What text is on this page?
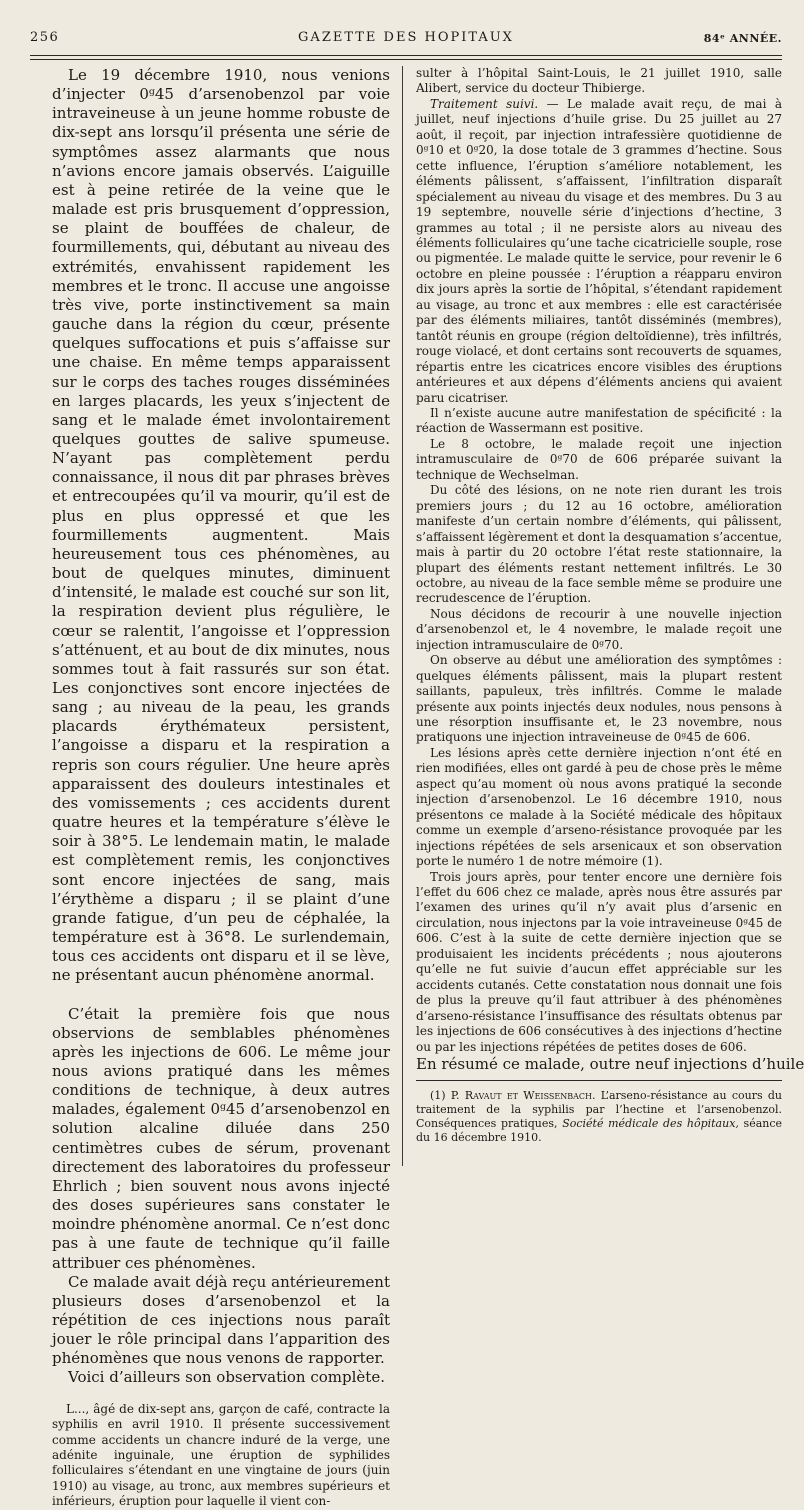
256	GAZETTE DES HOPITAUX	84ᵉ ANNÉE.

Le 19 décembre 1910, nous venions d’injecter 0ᵍ45 d’arsenobenzol par voie intraveineuse à un jeune homme robuste de dix-sept ans lorsqu’il présenta une série de symptômes assez alarmants que nous n’avions encore jamais observés. L’aiguille est à peine retirée de la veine que le malade est pris brusquement d’oppression, se plaint de bouffées de chaleur, de fourmillements, qui, débutant au niveau des extrémités, envahissent rapidement les membres et le tronc. Il accuse une angoisse très vive, porte instinctivement sa main gauche dans la région du cœur, présente quelques suffocations et puis s’affaisse sur une chaise. En même temps apparaissent sur le corps des taches rouges disséminées en larges placards, les yeux s’injectent de sang et le malade émet involontairement quelques gouttes de salive spumeuse. N’ayant pas complètement perdu connaissance, il nous dit par phrases brèves et entrecoupées qu’il va mourir, qu’il est de plus en plus oppressé et que les fourmillements augmentent. Mais heureusement tous ces phénomènes, au bout de quelques minutes, diminuent d’intensité, le malade est couché sur son lit, la respiration devient plus régulière, le cœur se ralentit, l’angoisse et l’oppression s’atténuent, et au bout de dix minutes, nous sommes tout à fait rassurés sur son état. Les conjonctives sont encore injectées de sang ; au niveau de la peau, les grands placards érythémateux persistent, l’angoisse a disparu et la respiration a repris son cours régulier. Une heure après apparaissent des douleurs intestinales et des vomissements ; ces accidents durent quatre heures et la température s’élève le soir à 38°5. Le lendemain matin, le malade est complètement remis, les conjonctives sont encore injectées de sang, mais l’érythème a disparu ; il se plaint d’une grande fatigue, d’un peu de céphalée, la température est à 36°8. Le surlendemain, tous ces accidents ont disparu et il se lève, ne présentant aucun phénomène anormal.

C’était la première fois que nous observions de semblables phénomènes après les injections de 606. Le même jour nous avions pratiqué dans les mêmes conditions de technique, à deux autres malades, également 0ᵍ45 d’arsenobenzol en solution alcaline diluée dans 250 centimètres cubes de sérum, provenant directement des laboratoires du professeur Ehrlich ; bien souvent nous avons injecté des doses supérieures sans constater le moindre phénomène anormal. Ce n’est donc pas à une faute de technique qu’il faille attribuer ces phénomènes.

Ce malade avait déjà reçu antérieurement plusieurs doses d’arsenobenzol et la répétition de ces injections nous paraît jouer le rôle principal dans l’apparition des phénomènes que nous venons de rapporter.

Voici d’ailleurs son observation complète.

L..., âgé de dix-sept ans, garçon de café, contracte la syphilis en avril 1910. Il présente successivement comme accidents un chancre induré de la verge, une adénite inguinale, une éruption de syphilides folliculaires s’étendant en une vingtaine de jours (juin 1910) au visage, au tronc, aux membres supérieurs et inférieurs, éruption pour laquelle il vient con-

sulter à l’hôpital Saint-Louis, le 21 juillet 1910, salle Alibert, service du docteur Thibierge.

Traitement suivi. — Le malade avait reçu, de mai à juillet, neuf injections d’huile grise. Du 25 juillet au 27 août, il reçoit, par injection intrafessière quotidienne de 0ᵍ10 et 0ᵍ20, la dose totale de 3 grammes d’hectine. Sous cette influence, l’éruption s’améliore notablement, les éléments pâlissent, s’affaissent, l’infiltration disparaît spécialement au niveau du visage et des membres. Du 3 au 19 septembre, nouvelle série d’injections d’hectine, 3 grammes au total ; il ne persiste alors au niveau des éléments folliculaires qu’une tache cicatricielle souple, rose ou pigmentée. Le malade quitte le service, pour revenir le 6 octobre en pleine poussée : l’éruption a réapparu environ dix jours après la sortie de l’hôpital, s’étendant rapidement au visage, au tronc et aux membres : elle est caractérisée par des éléments miliaires, tantôt disséminés (membres), tantôt réunis en groupe (région deltoïdienne), très infiltrés, rouge violacé, et dont certains sont recouverts de squames, répartis entre les cicatrices encore visibles des éruptions antérieures et aux dépens d’éléments anciens qui avaient paru cicatriser.

Il n’existe aucune autre manifestation de spécificité : la réaction de Wassermann est positive.

Le 8 octobre, le malade reçoit une injection intramusculaire de 0ᵍ70 de 606 préparée suivant la technique de Wechselman.

Du côté des lésions, on ne note rien durant les trois premiers jours ; du 12 au 16 octobre, amélioration manifeste d’un certain nombre d’éléments, qui pâlissent, s’affaissent légèrement et dont la desquamation s’accentue, mais à partir du 20 octobre l’état reste stationnaire, la plupart des éléments restant nettement infiltrés. Le 30 octobre, au niveau de la face semble même se produire une recrudescence de l’éruption.

Nous décidons de recourir à une nouvelle injection d’arsenobenzol et, le 4 novembre, le malade reçoit une injection intramusculaire de 0ᵍ70.

On observe au début une amélioration des symptômes : quelques éléments pâlissent, mais la plupart restent saillants, papuleux, très infiltrés. Comme le malade présente aux points injectés deux nodules, nous pensons à une résorption insuffisante et, le 23 novembre, nous pratiquons une injection intraveineuse de 0ᵍ45 de 606.

Les lésions après cette dernière injection n’ont été en rien modifiées, elles ont gardé à peu de chose près le même aspect qu’au moment où nous avons pratiqué la seconde injection d’arsenobenzol. Le 16 décembre 1910, nous présentons ce malade à la Société médicale des hôpitaux comme un exemple d’arseno-résistance provoquée par les injections répétées de sels arsenicaux et son observation porte le numéro 1 de notre mémoire (1).

Trois jours après, pour tenter encore une dernière fois l’effet du 606 chez ce malade, après nous être assurés par l’examen des urines qu’il n’y avait plus d’arsenic en circulation, nous injectons par la voie intraveineuse 0ᵍ45 de 606. C’est à la suite de cette dernière injection que se produisaient les incidents précédents ; nous ajouterons qu’elle ne fut suivie d’aucun effet appréciable sur les accidents cutanés. Cette constatation nous donnait une fois de plus la preuve qu’il faut attribuer à des phénomènes d’arseno-résistance l’insuffisance des résultats obtenus par les injections de 606 consécutives à des injections d’hectine ou par les injections répétées de petites doses de 606.

En résumé ce malade, outre neuf injections d’huile

(1) P. Ravaut et Weissenbach. L’arseno-résistance au cours du traitement de la syphilis par l’hectine et l’arsenobenzol. Conséquences pratiques, Société médicale des hôpitaux, séance du 16 décembre 1910.
